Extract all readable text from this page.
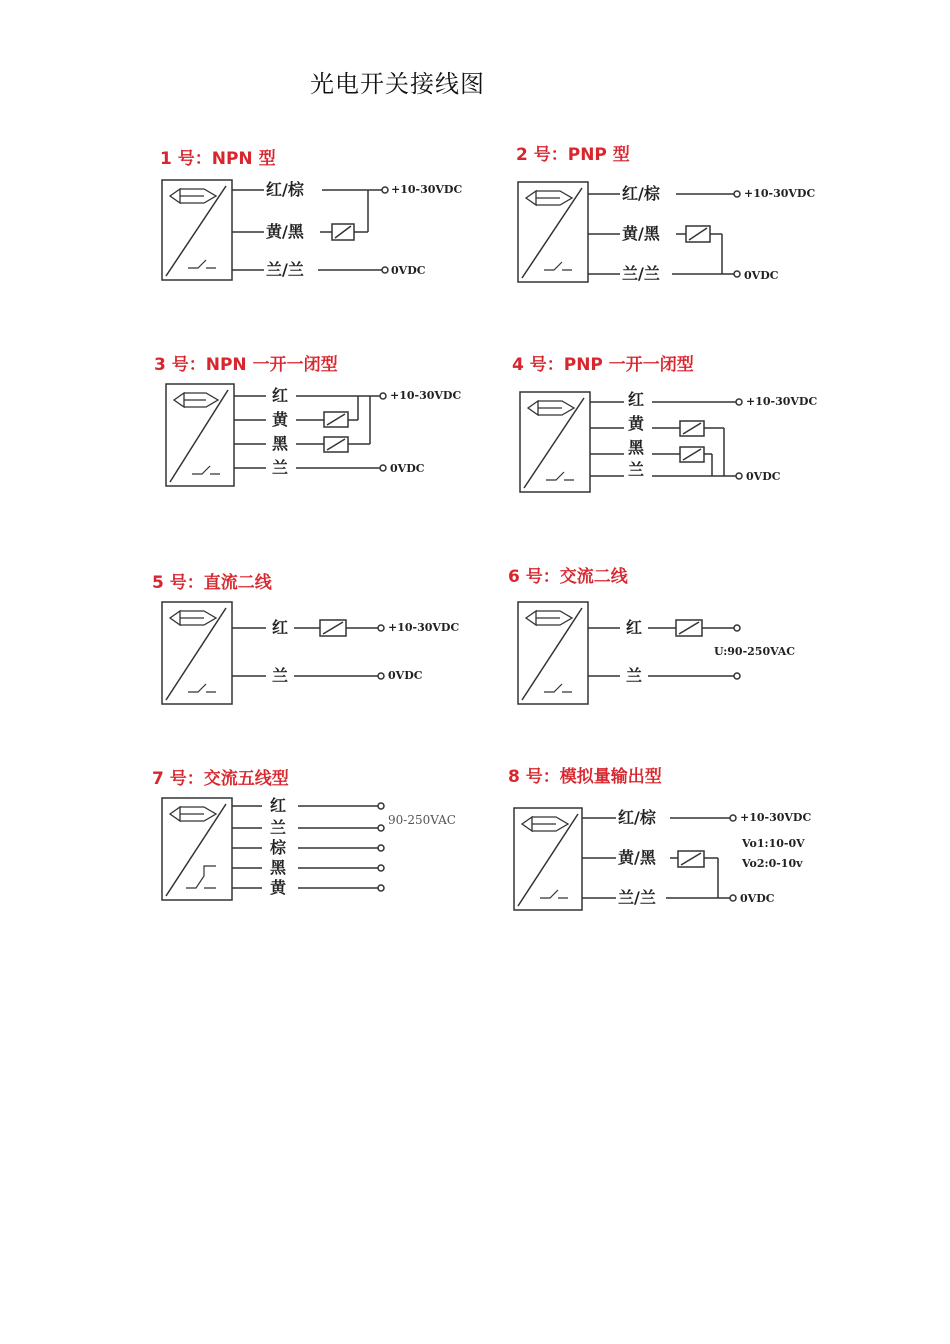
光电开关接线图
1 号：NPN 型
红/棕
黄/黑
兰/兰
+10-30VDC
0VDC
2 号：PNP 型
红/棕
黄/黑
兰/兰
+10-30VDC
0VDC
3 号：NPN 一开一闭型
红
黄
黑
兰
+10-30VDC
0VDC
4 号：PNP 一开一闭型
红
黄
黑
兰
+10-30VDC
0VDC
5 号：直流二线
红
兰
+10-30VDC
0VDC
6 号：交流二线
红
兰
U:90-250VAC
7 号：交流五线型
红
兰
棕
黑
黄
90-250VAC
8 号：模拟量输出型
红/棕
黄/黑
兰/兰
+10-30VDC
Vo1:10-0V
Vo2:0-10v
0VDC
